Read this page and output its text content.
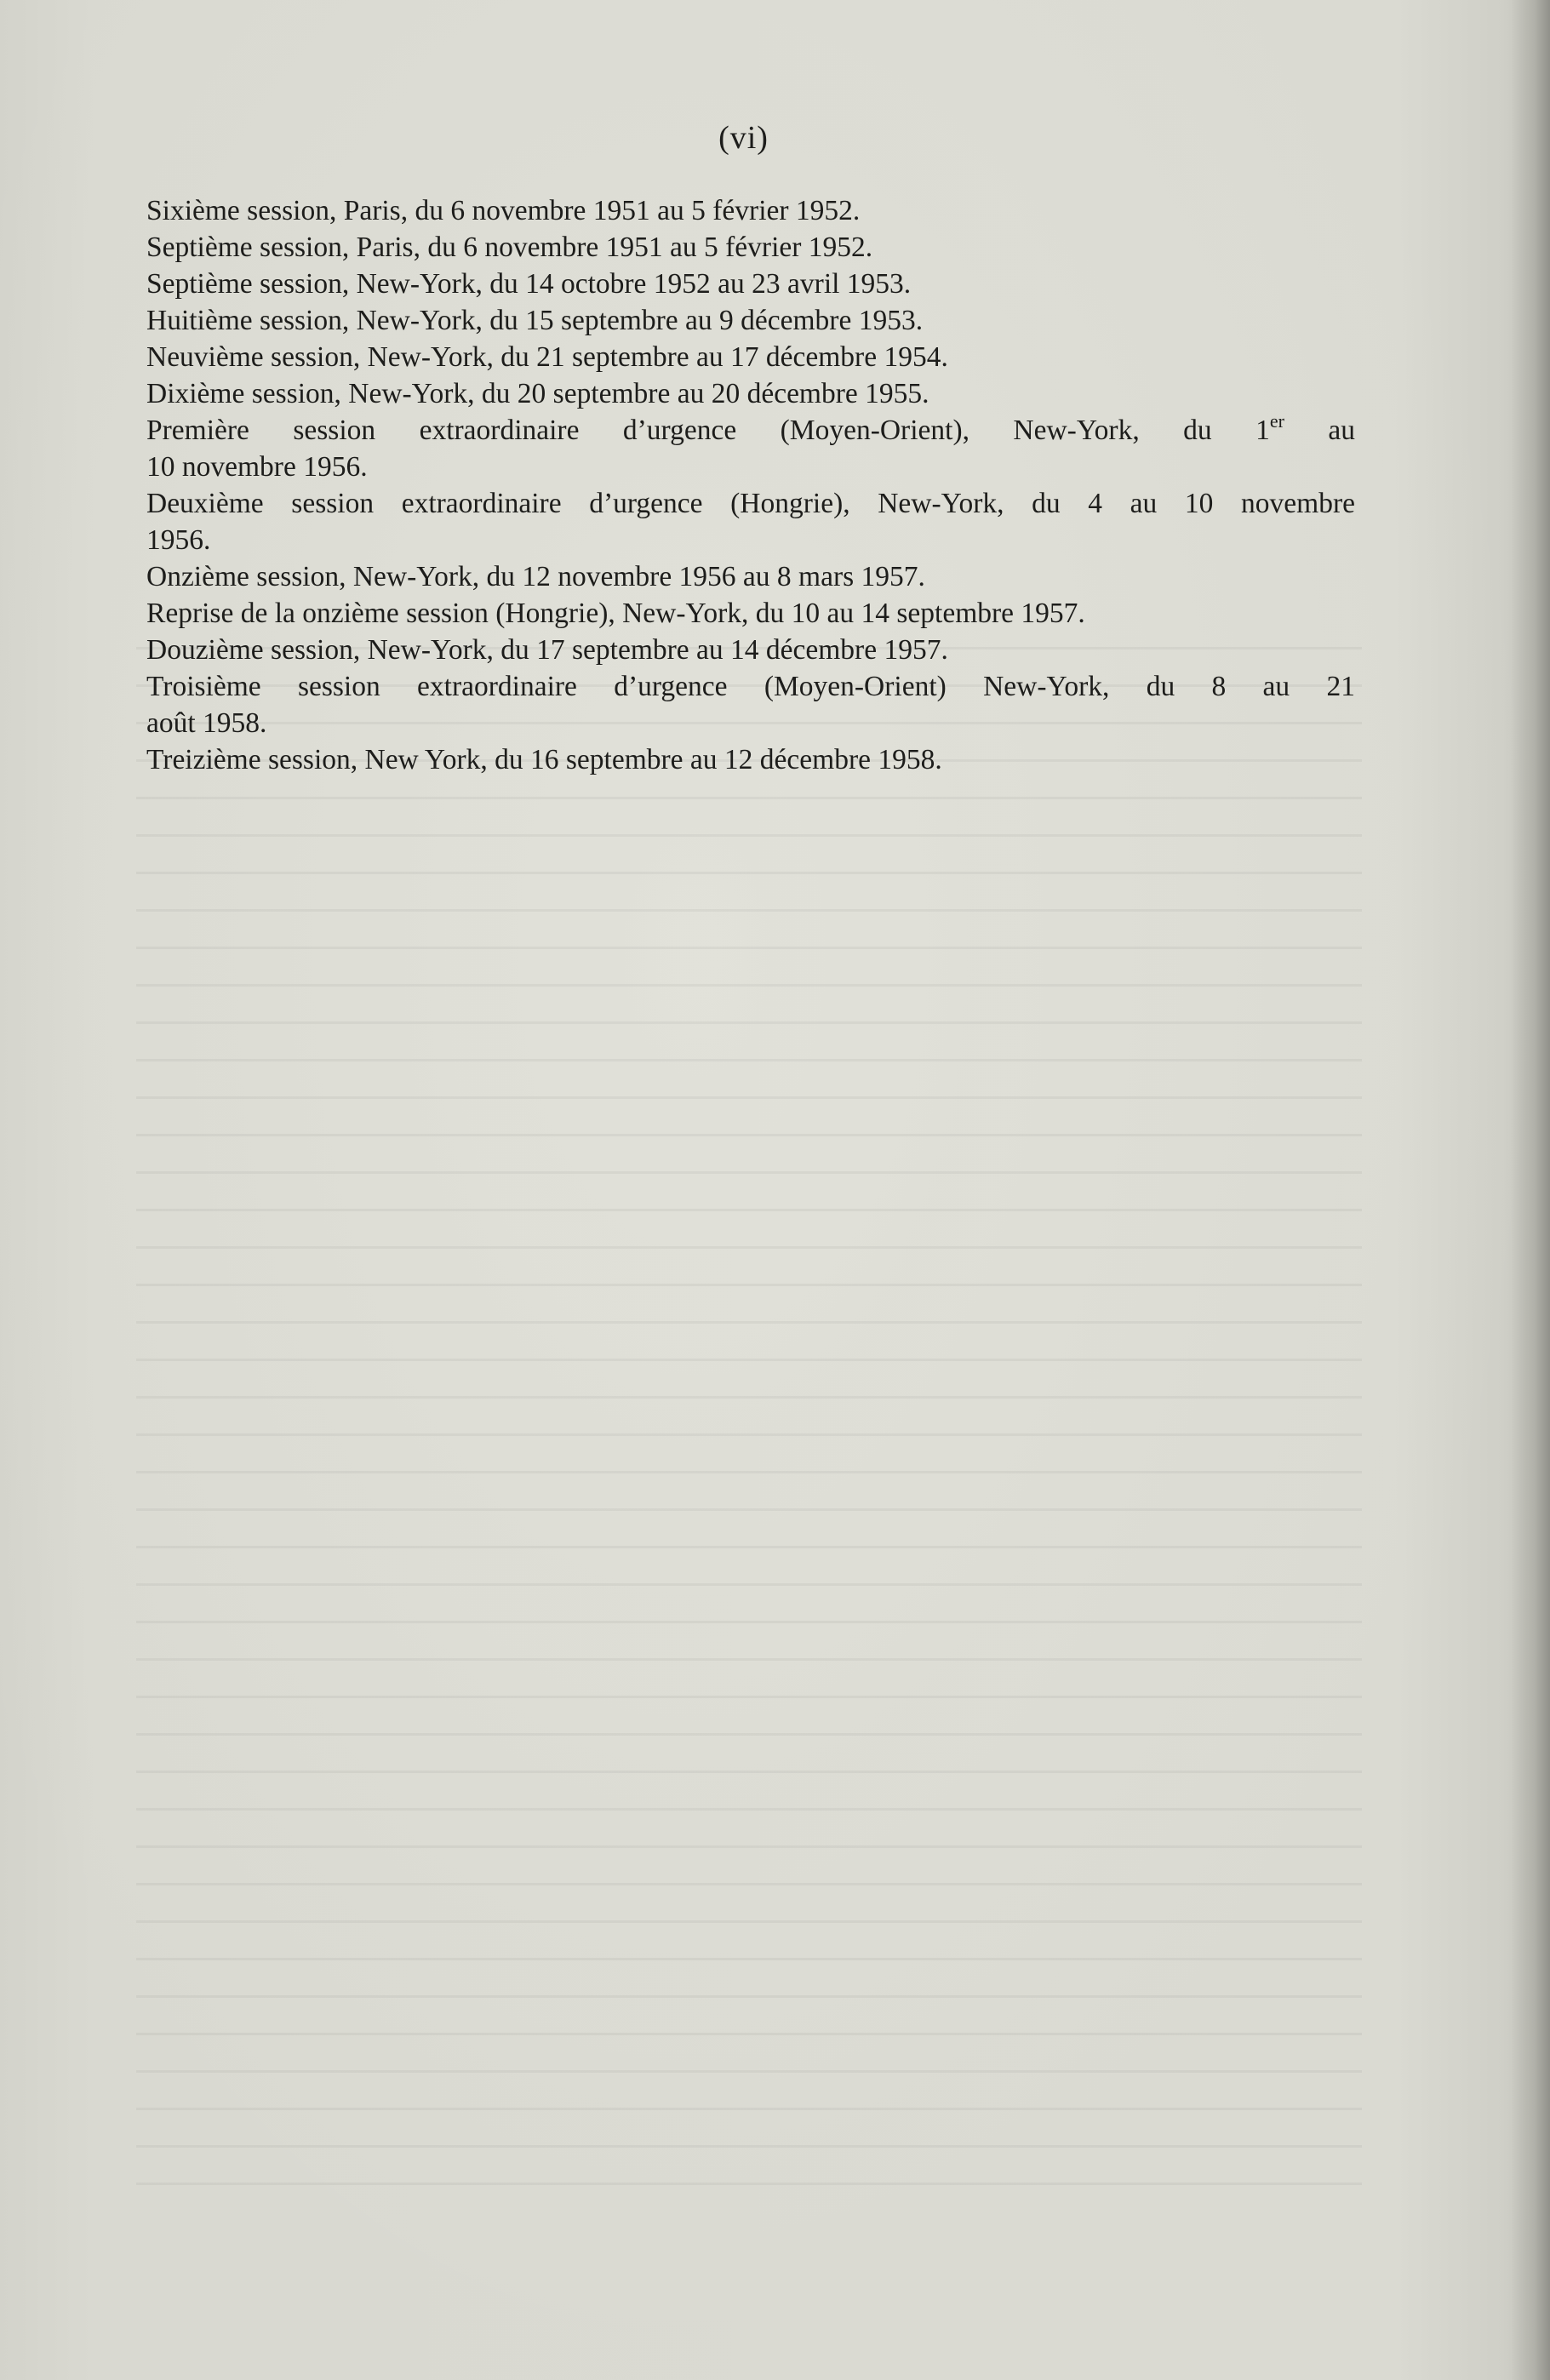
(vi)
Sixième session, Paris, du 6 novembre 1951 au 5 février 1952.
Septième session, Paris, du 6 novembre 1951 au 5 février 1952.
Septième session, New-York, du 14 octobre 1952 au 23 avril 1953.
Huitième session, New-York, du 15 septembre au 9 décembre 1953.
Neuvième session, New-York, du 21 septembre au 17 décembre 1954.
Dixième session, New-York, du 20 septembre au 20 décembre 1955.
Première session extraordinaire d’urgence (Moyen-Orient), New-York, du 1er au
10 novembre 1956.
Deuxième session extraordinaire d’urgence (Hongrie), New-York, du 4 au 10 novembre
1956.
Onzième session, New-York, du 12 novembre 1956 au 8 mars 1957.
Reprise de la onzième session (Hongrie), New-York, du 10 au 14 septembre 1957.
Douzième session, New-York, du 17 septembre au 14 décembre 1957.
Troisième session extraordinaire d’urgence (Moyen-Orient) New-York, du 8 au 21
août 1958.
Treizième session, New York, du 16 septembre au 12 décembre 1958.
